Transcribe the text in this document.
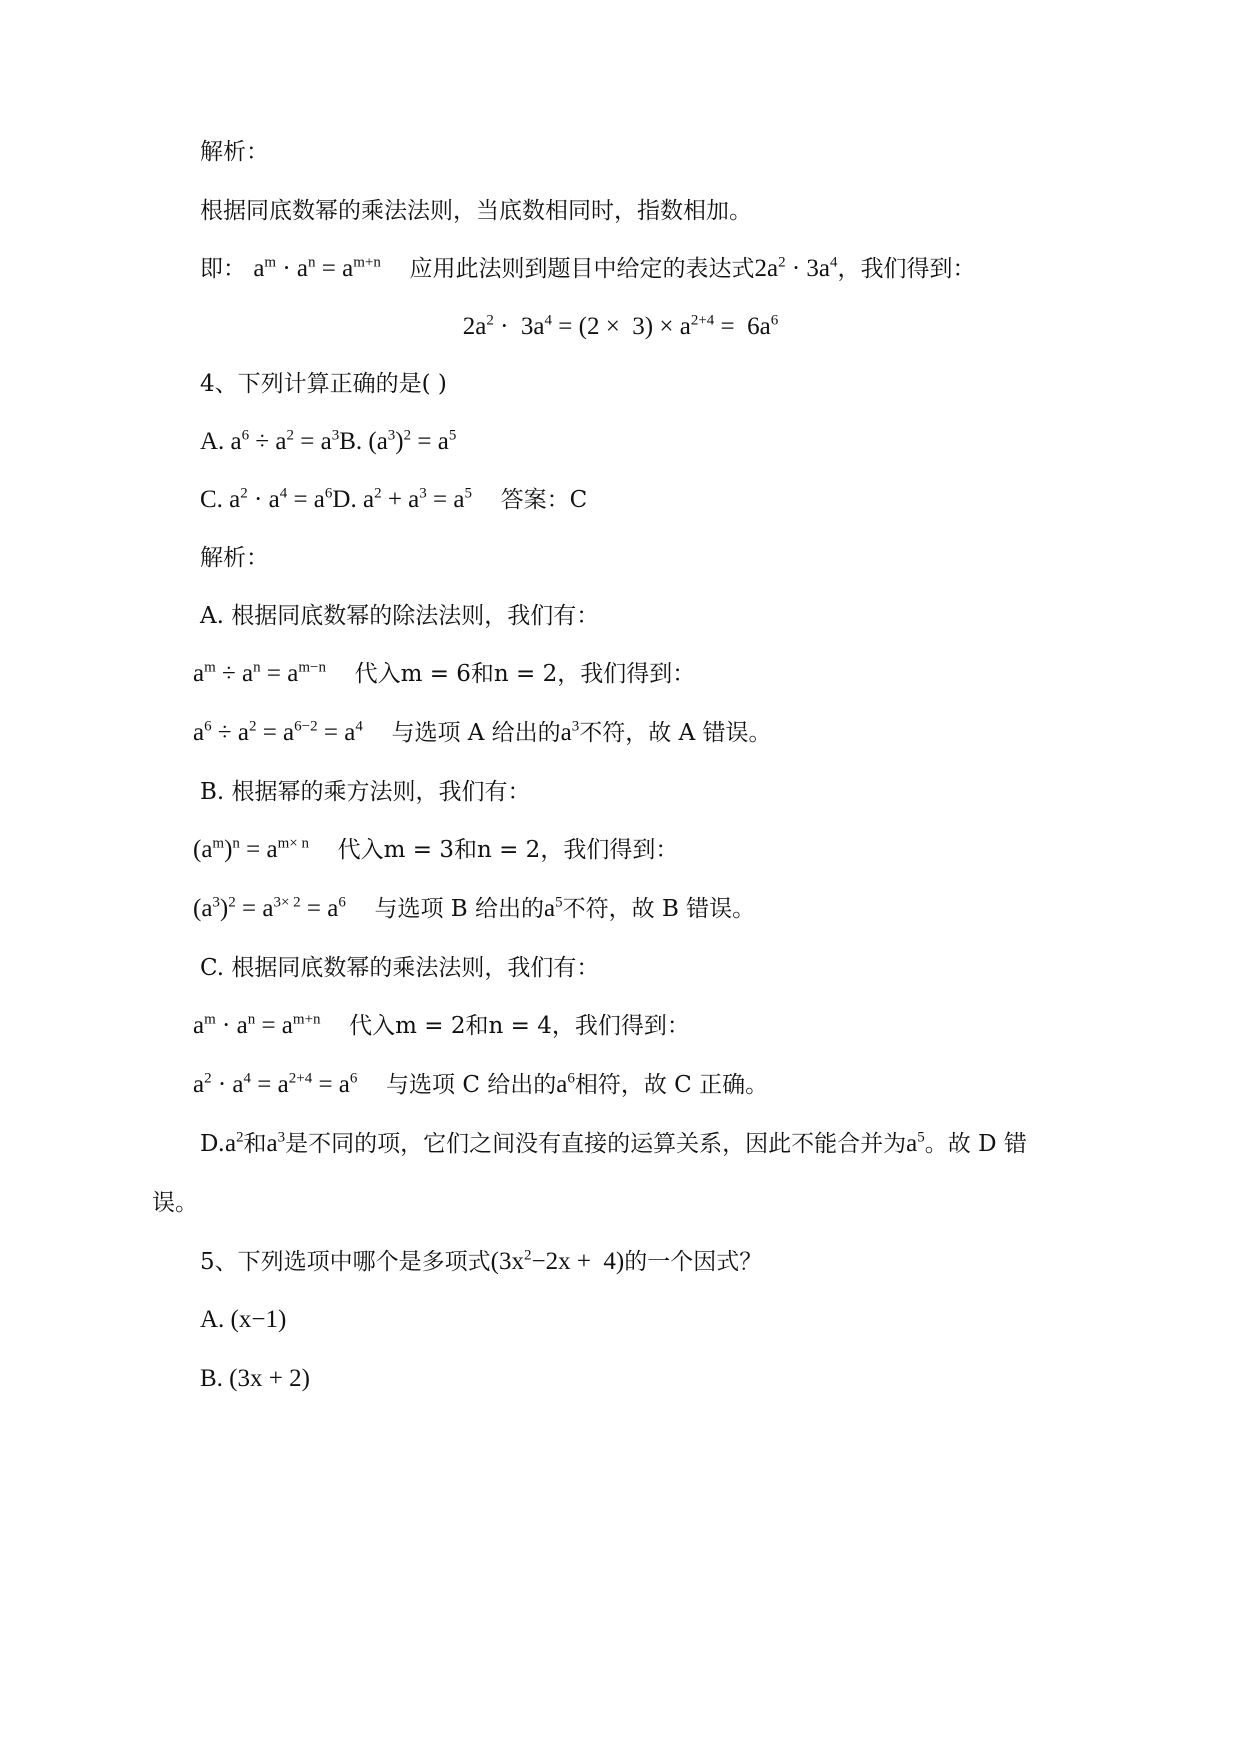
解析：
根据同底数幂的乘法法则，当底数相同时，指数相加。
即： $a^m \cdot a^n = a^{m+n}$ 应用此法则到题目中给定的表达式$2a^2 \cdot 3a^4$，我们得到：
$2a^2 \cdot 3a^4 = (2 \times 3) \times a^{2+4} = 6a^6$
4、下列计算正确的是( )
A. $a^6 \div a^2 = a^3B$. $(a^3)^2 = a^5$
C. $a^2 \cdot a^4 = a^6D$. $a^2 + a^3 = a^5$ 答案：C
解析：
A. 根据同底数幂的除法法则，我们有：
$a^m \div a^n = a^{m-n}$ 代入m = 6和n = 2，我们得到：
$a^6 \div a^2 = a^{6-2} = a^4$ 与选项 A 给出的$a^3$不符，故 A 错误。
B. 根据幂的乘方法则，我们有：
$(a^m)^n = a^{m\times n}$ 代入m = 3和n = 2，我们得到：
$(a^3)^2 = a^{3\times 2} = a^6$ 与选项 B 给出的$a^5$不符，故 B 错误。
C. 根据同底数幂的乘法法则，我们有：
$a^m \cdot a^n = a^{m+n}$ 代入m = 2和n = 4，我们得到：
$a^2 \cdot a^4 = a^{2+4} = a^6$ 与选项 C 给出的$a^6$相符，故 C 正确。
$D.a^2$和$a^3$是不同的项，它们之间没有直接的运算关系，因此不能合并为$a^5$。故 D 错
误。
5、下列选项中哪个是多项式$(3x^2-2x + 4)$的一个因式？
A. (x−1)
B. (3x + 2)
